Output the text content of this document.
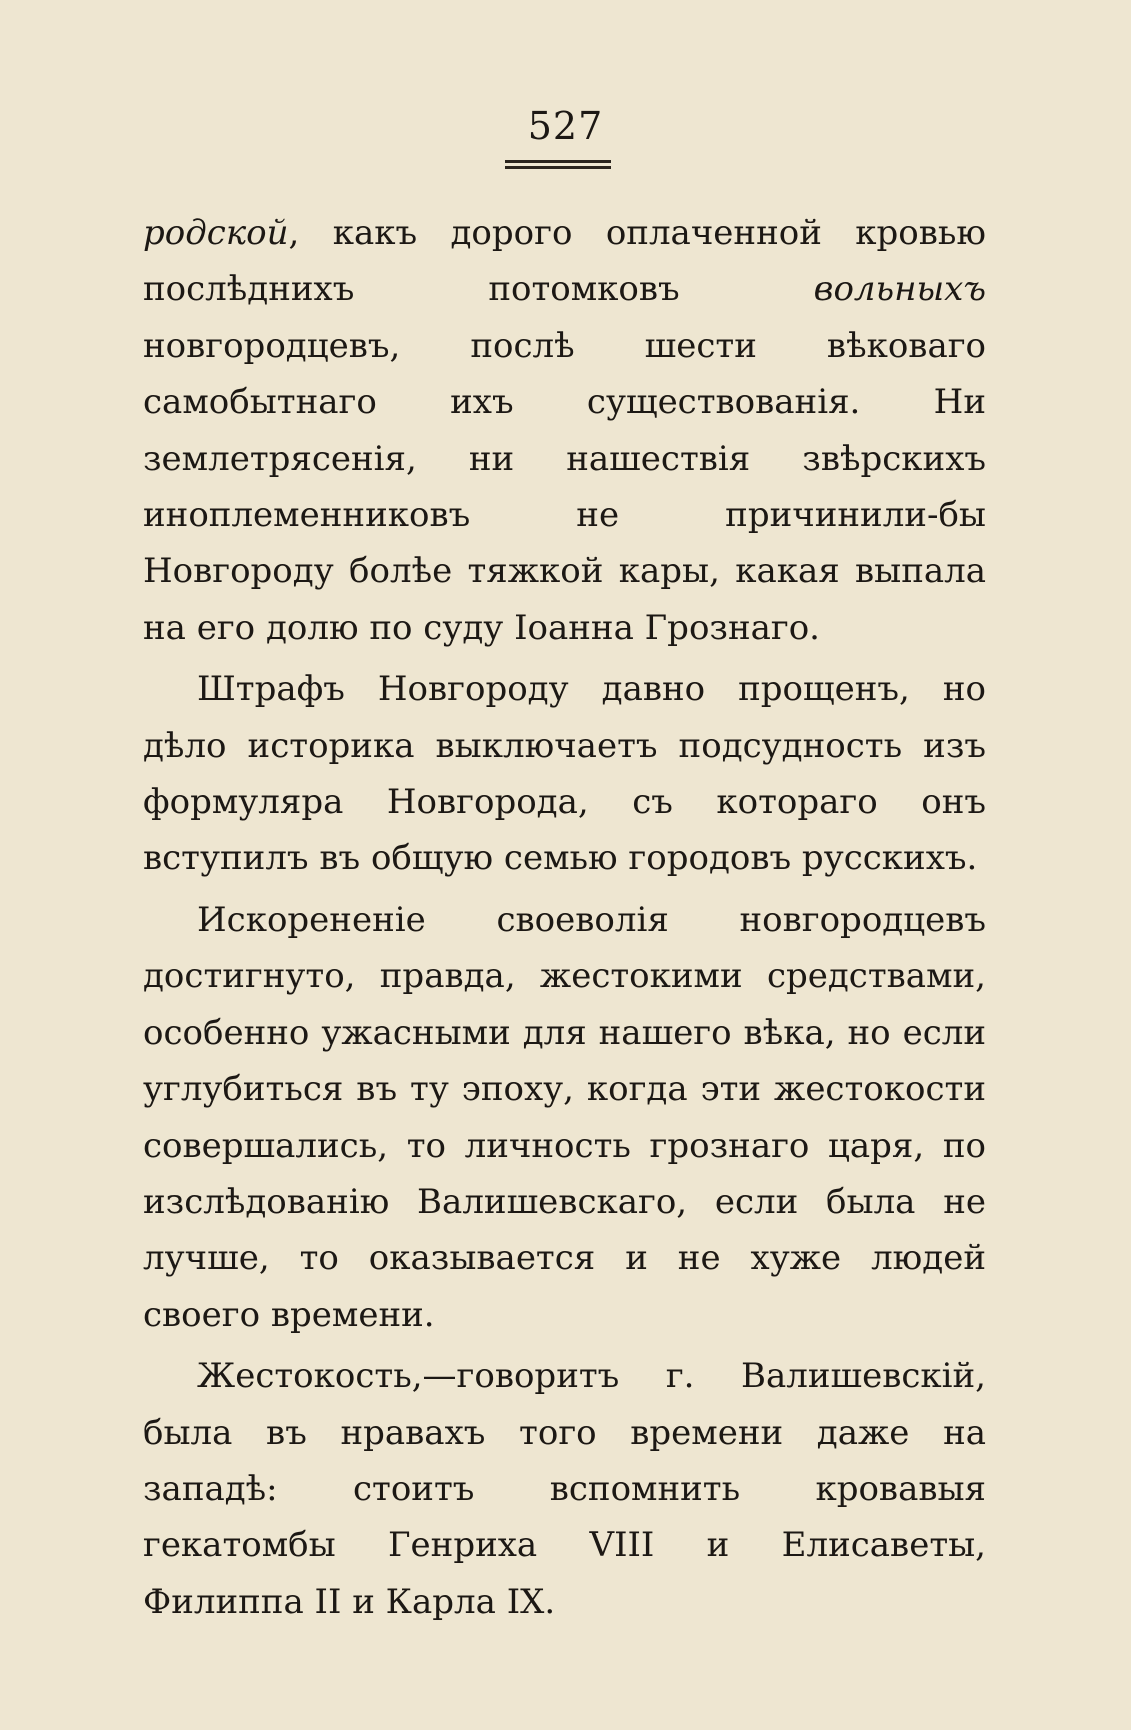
527

родской, какъ дорого оплаченной кровью послѣднихъ потомковъ вольныхъ новгородцевъ, послѣ шести вѣковаго самобытнаго ихъ существованія. Ни землетрясенія, ни нашествія звѣрскихъ иноплеменниковъ не причинили-бы Новгороду болѣе тяжкой кары, какая выпала на его долю по суду Іоанна Грознаго.

Штрафъ Новгороду давно прощенъ, но дѣло историка выключаетъ подсудность изъ формуляра Новгорода, съ котораго онъ вступилъ въ общую семью городовъ русскихъ.

Искорененіе своеволія новгородцевъ достигнуто, правда, жестокими средствами, особенно ужасными для нашего вѣка, но если углубиться въ ту эпоху, когда эти жестокости совершались, то личность грознаго царя, по изслѣдованію Валишевскаго, если была не лучше, то оказывается и не хуже людей своего времени.

Жестокость,—говоритъ г. Валишевскій, была въ нравахъ того времени даже на западѣ: стоитъ вспомнить кровавыя гекатомбы Генриха VIII и Елисаветы, Филиппа II и Карла IX.
